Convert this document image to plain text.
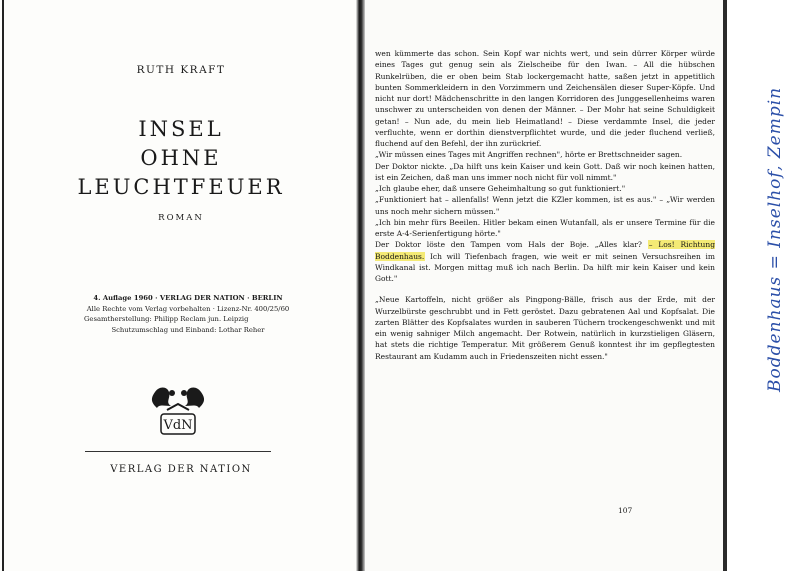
RUTH KRAFT
INSEL
OHNE
LEUCHTFEUER
ROMAN
4. Auflage 1960 · VERLAG DER NATION · BERLIN
Alle Rechte vom Verlag vorbehalten · Lizenz-Nr. 400/25/60
Gesamtherstellung: Philipp Reclam jun. Leipzig
Schutzumschlag und Einband: Lothar Reher
VdN
VERLAG DER NATION

wen kümmerte das schon. Sein Kopf war nichts wert, und sein dürrer Körper würde eines Tages gut genug sein als Zielscheibe für den Iwan. – All die hübschen Runkelrüben, die er oben beim Stab lockergemacht hatte, saßen jetzt in appetitlich bunten Sommerkleidern in den Vorzimmern und Zeichensälen dieser Super-Köpfe. Und nicht nur dort! Mädchenschritte in den langen Korridoren des Junggesellenheims waren unschwer zu unterscheiden von denen der Männer. – Der Mohr hat seine Schuldigkeit getan! – Nun ade, du mein lieb Heimatland! – Diese verdammte Insel, die jeder verfluchte, wenn er dorthin dienstverpflichtet wurde, und die jeder fluchend verließ, fluchend auf den Befehl, der ihn zurückrief.

„Wir müssen eines Tages mit Angriffen rechnen", hörte er Brettschneider sagen.

Der Doktor nickte. „Da hilft uns kein Kaiser und kein Gott. Daß wir noch keinen hatten, ist ein Zeichen, daß man uns immer noch nicht für voll nimmt."

„Ich glaube eher, daß unsere Geheimhaltung so gut funktioniert."

„Funktioniert hat – allenfalls! Wenn jetzt die KZler kommen, ist es aus." – „Wir werden uns noch mehr sichern müssen."

„Ich bin mehr fürs Beeilen. Hitler bekam einen Wutanfall, als er unsere Termine für die erste A-4-Serienfertigung hörte."

Der Doktor löste den Tampen vom Hals der Boje. „Alles klar? – Los! Richtung Boddenhaus. Ich will Tiefenbach fragen, wie weit er mit seinen Versuchsreihen im Windkanal ist. Morgen mittag muß ich nach Berlin. Da hilft mir kein Kaiser und kein Gott."

„Neue Kartoffeln, nicht größer als Pingpong-Bälle, frisch aus der Erde, mit der Wurzelbürste geschrubbt und in Fett geröstet. Dazu gebratenen Aal und Kopfsalat. Die zarten Blätter des Kopfsalates wurden in sauberen Tüchern trockengeschwenkt und mit ein wenig sahniger Milch angemacht. Der Rotwein, natürlich in kurzstieligen Gläsern, hat stets die richtige Temperatur. Mit größerem Genuß konntest ihr im gepflegtesten Restaurant am Kudamm auch in Friedenszeiten nicht essen."

107
Boddenhaus = Inselhof, Zempin
